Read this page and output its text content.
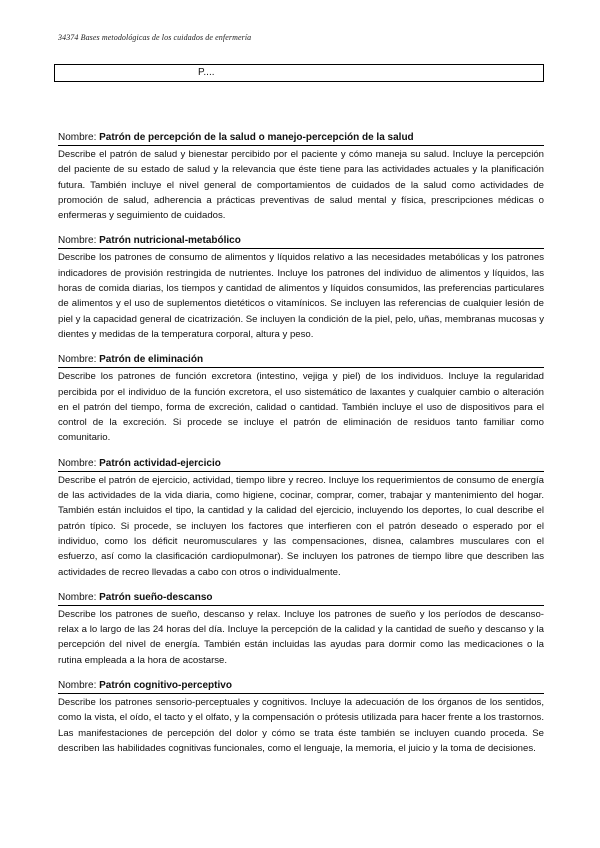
34374 Bases metodológicas de los cuidados de enfermería
P....
Nombre: Patrón de percepción de la salud o manejo-percepción de la salud
Describe el patrón de salud y bienestar percibido por el paciente y cómo maneja su salud. Incluye la percepción del paciente de su estado de salud y la relevancia que éste tiene para las actividades actuales y la planificación futura. También incluye el nivel general de comportamientos de cuidados de la salud como actividades de promoción de salud, adherencia a prácticas preventivas de salud mental y física, prescripciones médicas o enfermeras y seguimiento de cuidados.
Nombre: Patrón nutricional-metabólico
Describe los patrones de consumo de alimentos y líquidos relativo a las necesidades metabólicas y los patrones indicadores de provisión restringida de nutrientes. Incluye los patrones del individuo de alimentos y líquidos, las horas de comida diarias, los tiempos y cantidad de alimentos y líquidos consumidos, las preferencias particulares de alimentos y el uso de suplementos dietéticos o vitamínicos. Se incluyen las referencias de cualquier lesión de piel y la capacidad general de cicatrización. Se incluyen la condición de la piel, pelo, uñas, membranas mucosas y dientes y medidas de la temperatura corporal, altura y peso.
Nombre: Patrón de eliminación
Describe los patrones de función excretora (intestino, vejiga y piel) de los individuos. Incluye la regularidad percibida por el individuo de la función excretora, el uso sistemático de laxantes y cualquier cambio o alteración en el patrón del tiempo, forma de excreción, calidad o cantidad. También incluye el uso de dispositivos para el control de la excreción. Si procede se incluye el patrón de eliminación de residuos tanto familiar como comunitario.
Nombre: Patrón actividad-ejercicio
Describe el patrón de ejercicio, actividad, tiempo libre y recreo. Incluye los requerimientos de consumo de energía de las actividades de la vida diaria, como higiene, cocinar, comprar, comer, trabajar y mantenimiento del hogar. También están incluidos el tipo, la cantidad y la calidad del ejercicio, incluyendo los deportes, lo cual describe el patrón típico. Si procede, se incluyen los factores que interfieren con el patrón deseado o esperado por el individuo, como los déficit neuromusculares y las compensaciones, disnea, calambres musculares con el esfuerzo, así como la clasificación cardiopulmonar). Se incluyen los patrones de tiempo libre que describen las actividades de recreo llevadas a cabo con otros o individualmente.
Nombre: Patrón sueño-descanso
Describe los patrones de sueño, descanso y relax. Incluye los patrones de sueño y los períodos de descanso-relax a lo largo de las 24 horas del día. Incluye la percepción de la calidad y la cantidad de sueño y descanso y la percepción del nivel de energía. También están incluidas las ayudas para dormir como las medicaciones o la rutina empleada a la hora de acostarse.
Nombre: Patrón cognitivo-perceptivo
Describe los patrones sensorio-perceptuales y cognitivos. Incluye la adecuación de los órganos de los sentidos, como la vista, el oído, el tacto y el olfato, y la compensación o prótesis utilizada para hacer frente a los trastornos. Las manifestaciones de percepción del dolor y cómo se trata éste también se incluyen cuando proceda. Se describen las habilidades cognitivas funcionales, como el lenguaje, la memoria, el juicio y la toma de decisiones.
